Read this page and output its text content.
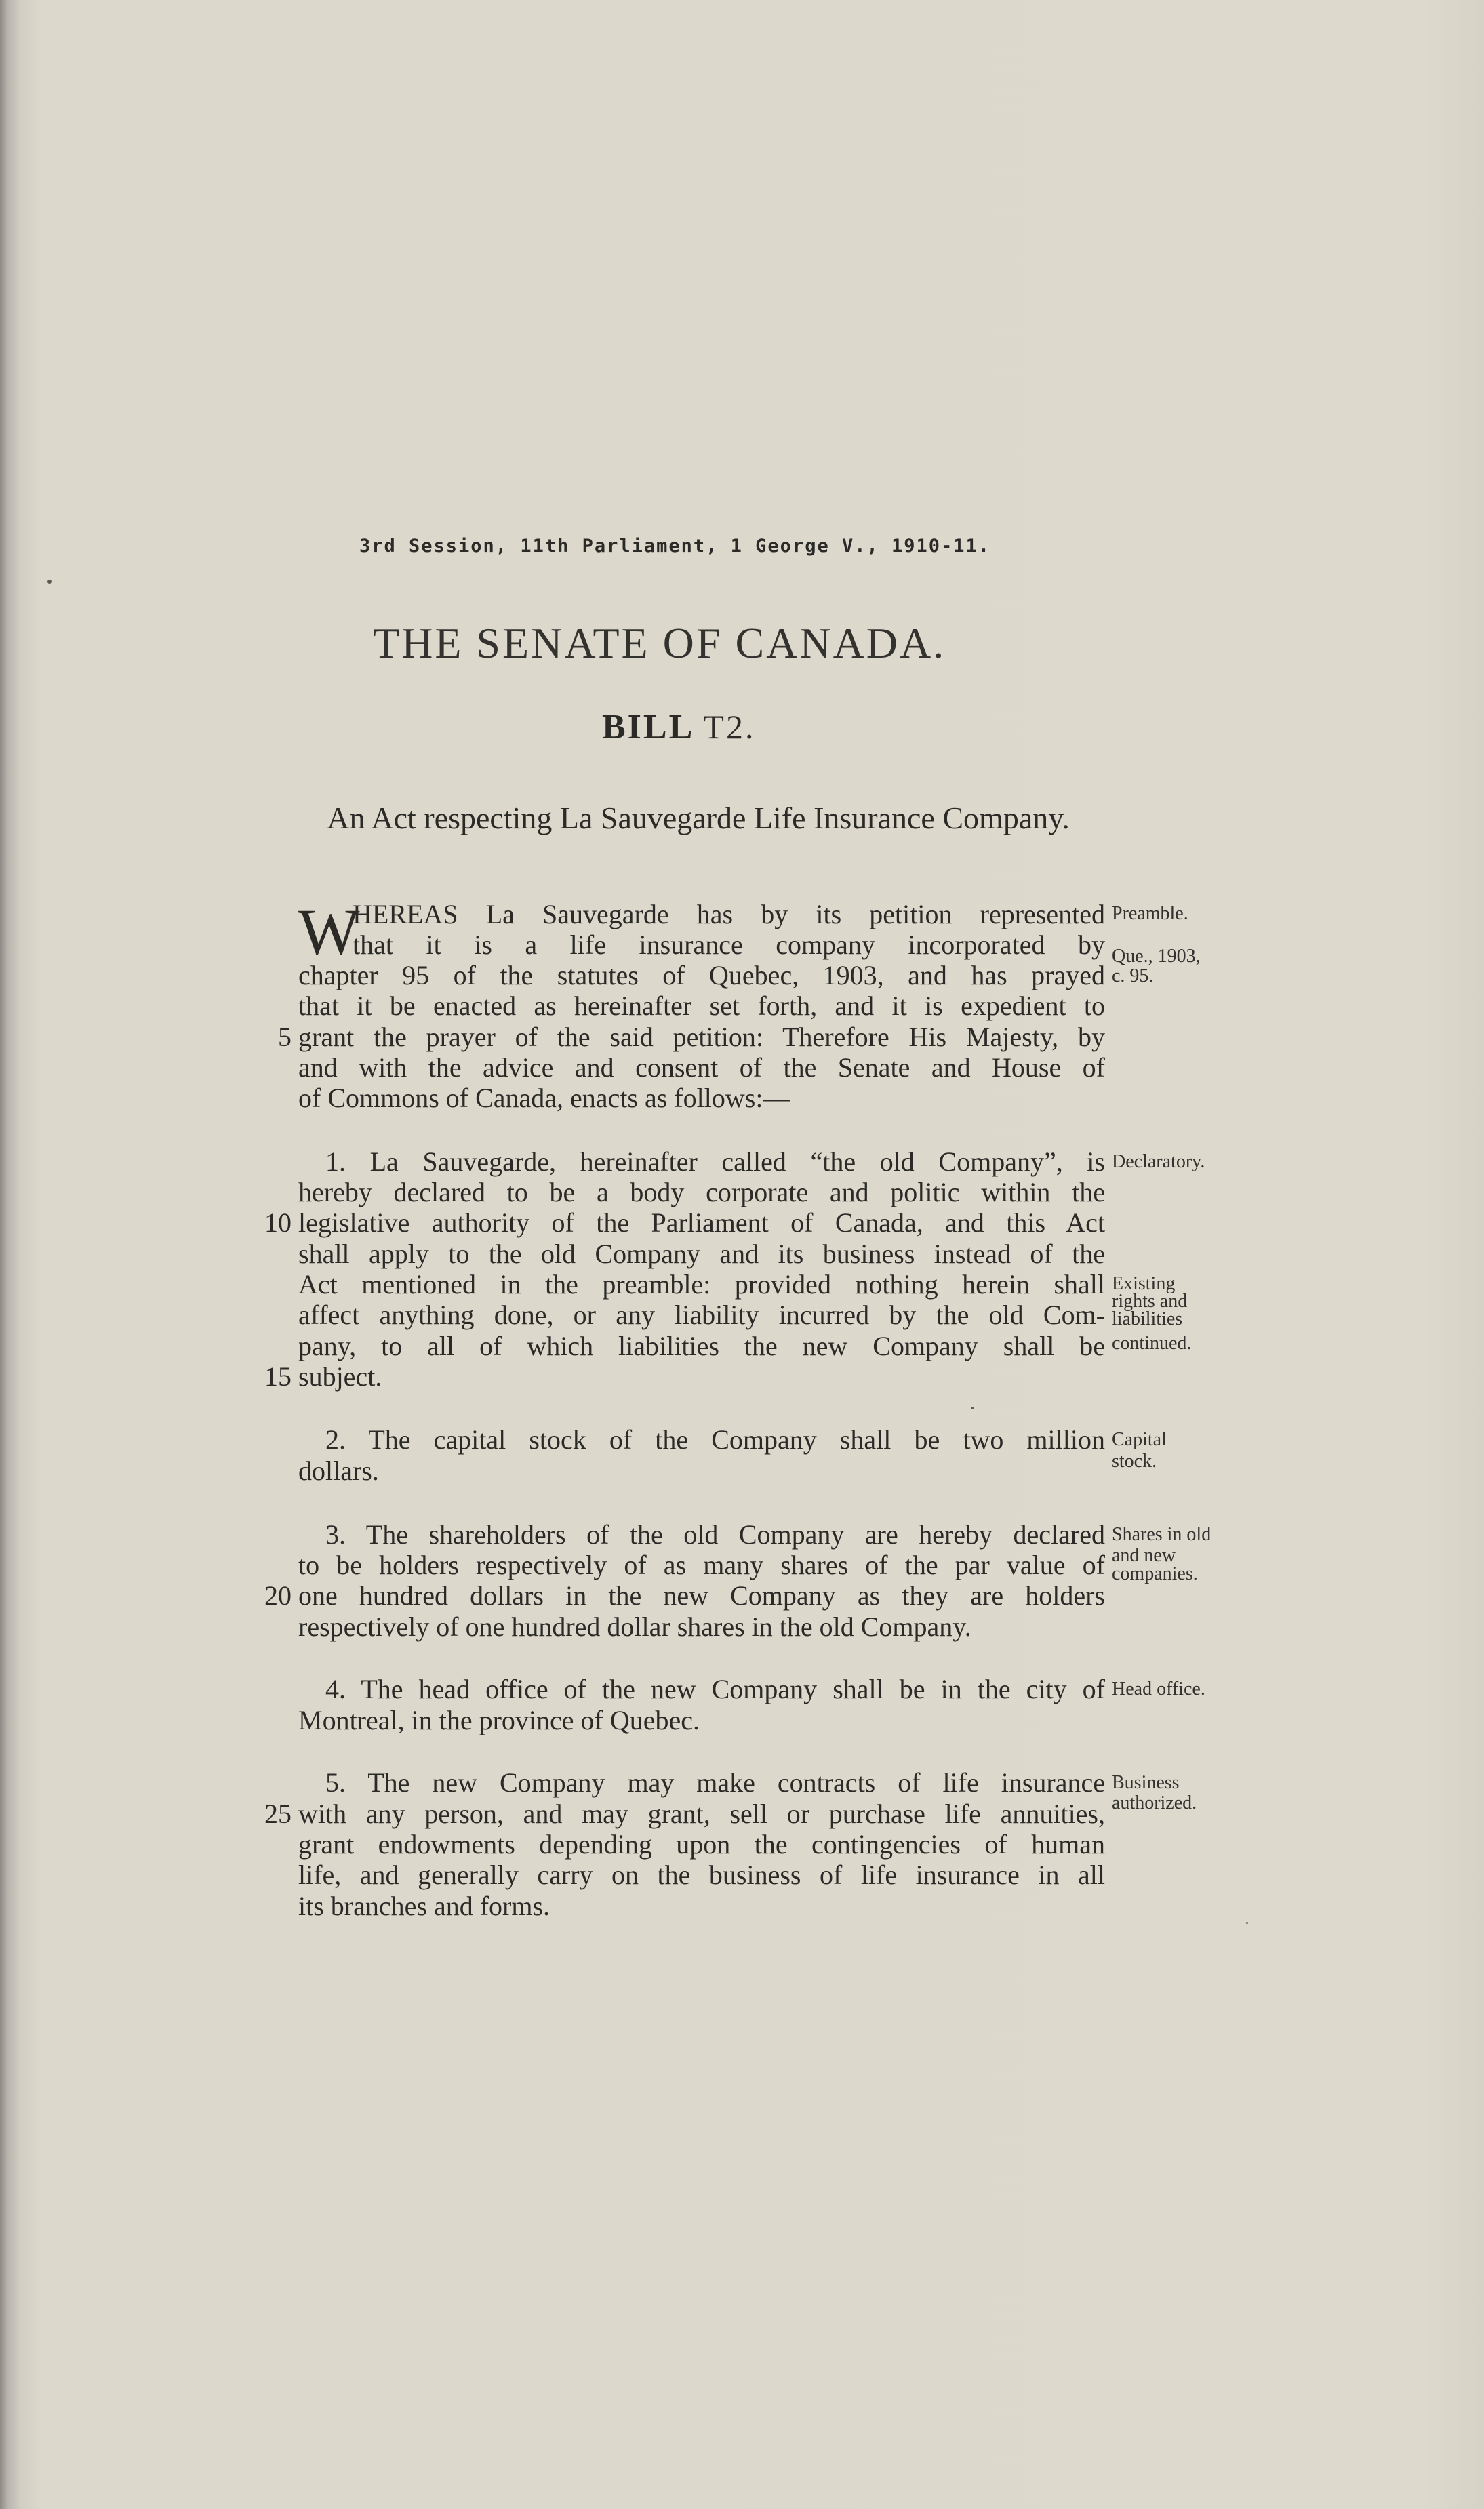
3rd Session, 11th Parliament, 1 George V., 1910-11.
THE SENATE OF CANADA.
BILL T2.
An Act respecting La Sauvegarde Life Insurance Company.
W
HEREAS La Sauvegarde has by its petition represented
that it is a life insurance company incorporated by
chapter 95 of the statutes of Quebec, 1903, and has prayed
that it be enacted as hereinafter set forth, and it is expedient to
grant the prayer of the said petition: Therefore His Majesty, by
and with the advice and consent of the Senate and House of
of Commons of Canada, enacts as follows:—
1. La Sauvegarde, hereinafter called “the old Company”, is
hereby declared to be a body corporate and politic within the
legislative authority of the Parliament of Canada, and this Act
shall apply to the old Company and its business instead of the
Act mentioned in the preamble: provided nothing herein shall
affect anything done, or any liability incurred by the old Com-
pany, to all of which liabilities the new Company shall be
subject.
2. The capital stock of the Company shall be two million
dollars.
3. The shareholders of the old Company are hereby declared
to be holders respectively of as many shares of the par value of
one hundred dollars in the new Company as they are holders
respectively of one hundred dollar shares in the old Company.
4. The head office of the new Company shall be in the city of
Montreal, in the province of Quebec.
5. The new Company may make contracts of life insurance
with any person, and may grant, sell or purchase life annuities,
grant endowments depending upon the contingencies of human
life, and generally carry on the business of life insurance in all
its branches and forms.
5
10
15
20
25
Preamble.
Que., 1903,
c. 95.
Declaratory.
Existing
rights and
liabilities
continued.
Capital
stock.
Shares in old
and new
companies.
Head office.
Business
authorized.
